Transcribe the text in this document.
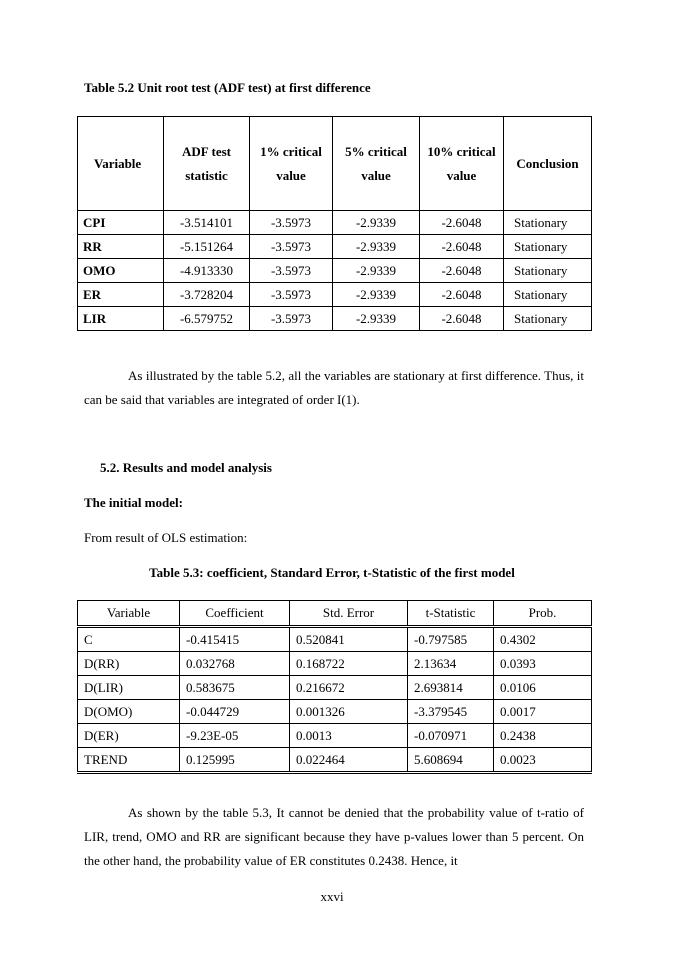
Table 5.2 Unit root test (ADF test) at first difference
Variable	ADF test statistic	1% critical value	5% critical value	10% critical value	Conclusion
CPI	-3.514101	-3.5973	-2.9339	-2.6048	Stationary
RR	-5.151264	-3.5973	-2.9339	-2.6048	Stationary
OMO	-4.913330	-3.5973	-2.9339	-2.6048	Stationary
ER	-3.728204	-3.5973	-2.9339	-2.6048	Stationary
LIR	-6.579752	-3.5973	-2.9339	-2.6048	Stationary
As illustrated by the table 5.2, all the variables are stationary at first difference. Thus, it can be said that variables are integrated of order I(1).
5.2. Results and model analysis
The initial model:
From result of OLS estimation:
Table 5.3: coefficient, Standard Error, t-Statistic of the first model
Variable	Coefficient	Std. Error	t-Statistic	Prob.
C	-0.415415	0.520841	-0.797585	0.4302
D(RR)	0.032768	0.168722	2.13634	0.0393
D(LIR)	0.583675	0.216672	2.693814	0.0106
D(OMO)	-0.044729	0.001326	-3.379545	0.0017
D(ER)	-9.23E-05	0.0013	-0.070971	0.2438
TREND	0.125995	0.022464	5.608694	0.0023
As shown by the table 5.3, It cannot be denied that the probability value of t-ratio of LIR, trend, OMO and RR are significant because they have p-values lower than 5 percent. On the other hand, the probability value of ER constitutes 0.2438. Hence, it
xxvi
